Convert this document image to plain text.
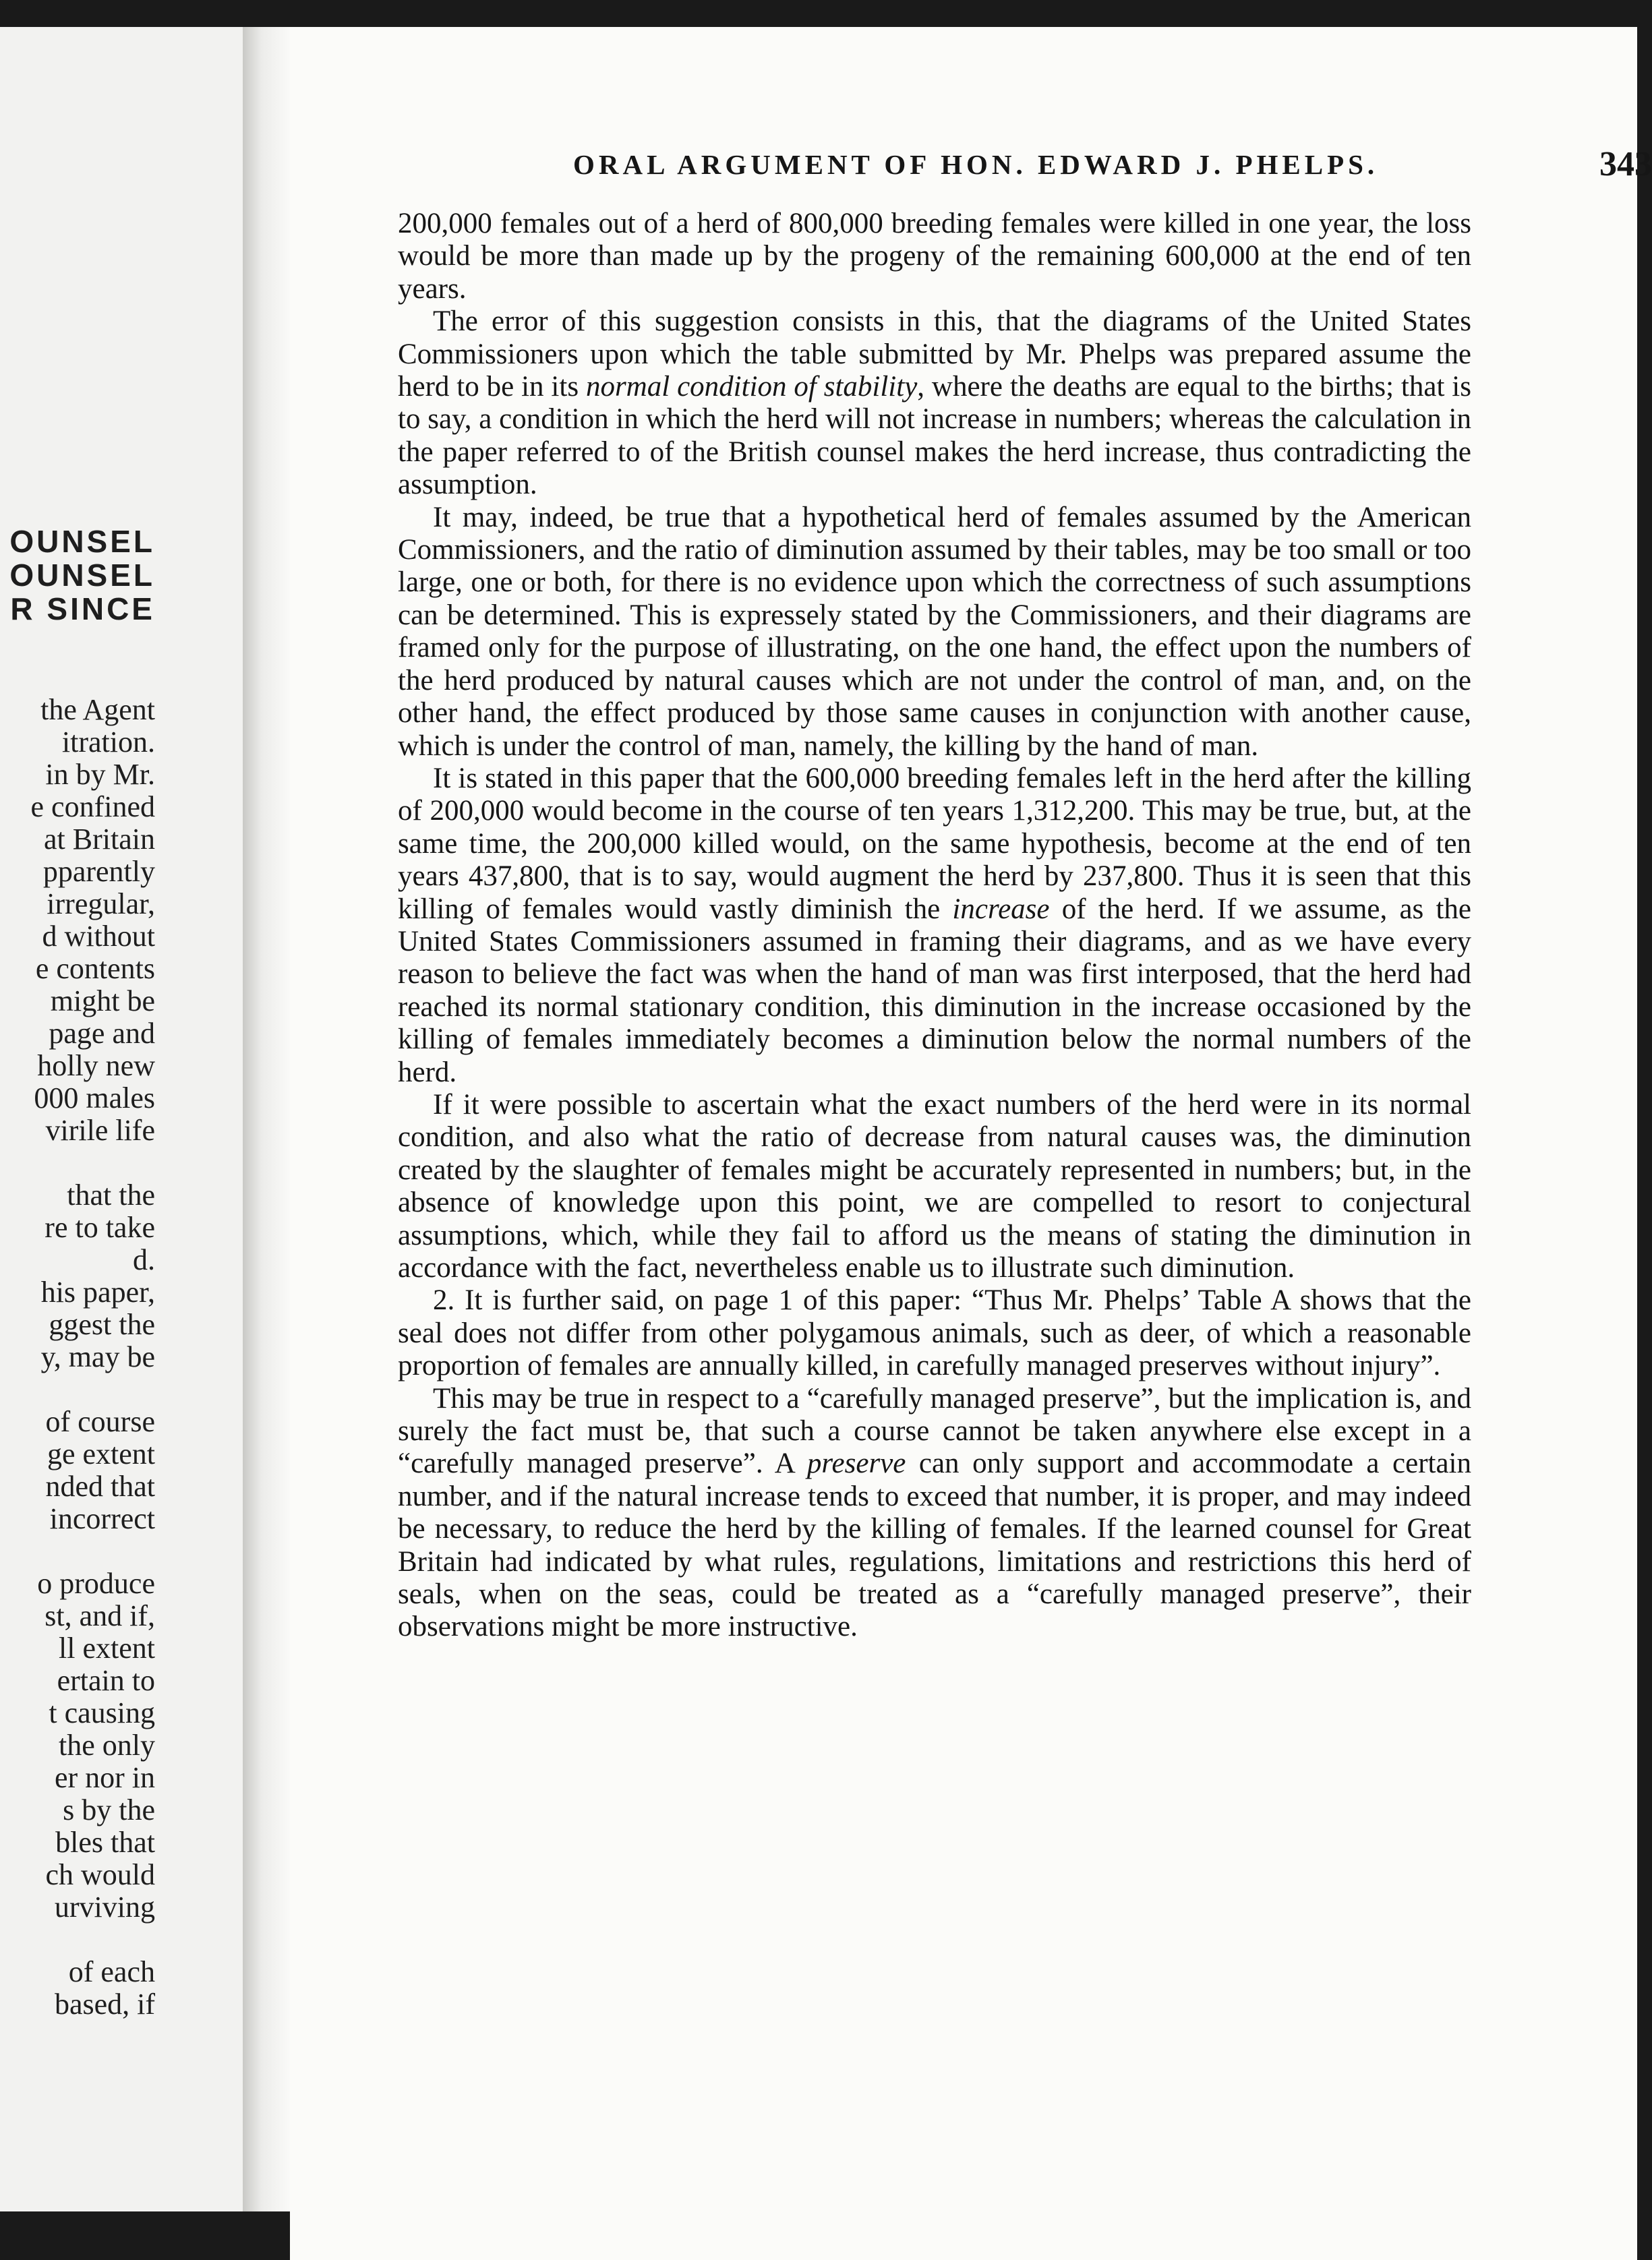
OUNSEL
OUNSEL
R SINCE
the Agent
itration.
in by Mr.
e confined
at Britain
pparently
irregular,
d without
e contents
might be
page and
holly new
000 males
virile life
that the
re to take
d.
his paper,
ggest the
y, may be
of course
ge extent
nded that
incorrect
o produce
st, and if,
ll extent
ertain to
t causing
the only
er nor in
s by the
bles that
ch would
urviving
of each
based, if
ORAL ARGUMENT OF HON. EDWARD J. PHELPS.	343

200,000 females out of a herd of 800,000 breeding females were killed in one year, the loss would be more than made up by the progeny of the remaining 600,000 at the end of ten years.

The error of this suggestion consists in this, that the diagrams of the United States Commissioners upon which the table submitted by Mr. Phelps was prepared assume the herd to be in its normal condition of stability, where the deaths are equal to the births; that is to say, a condition in which the herd will not increase in numbers; whereas the calculation in the paper referred to of the British counsel makes the herd increase, thus contradicting the assumption.

It may, indeed, be true that a hypothetical herd of females assumed by the American Commissioners, and the ratio of diminution assumed by their tables, may be too small or too large, one or both, for there is no evidence upon which the correctness of such assumptions can be determined. This is expressely stated by the Commissioners, and their diagrams are framed only for the purpose of illustrating, on the one hand, the effect upon the numbers of the herd produced by natural causes which are not under the control of man, and, on the other hand, the effect produced by those same causes in conjunction with another cause, which is under the control of man, namely, the killing by the hand of man.

It is stated in this paper that the 600,000 breeding females left in the herd after the killing of 200,000 would become in the course of ten years 1,312,200. This may be true, but, at the same time, the 200,000 killed would, on the same hypothesis, become at the end of ten years 437,800, that is to say, would augment the herd by 237,800. Thus it is seen that this killing of females would vastly diminish the increase of the herd. If we assume, as the United States Commissioners assumed in framing their diagrams, and as we have every reason to believe the fact was when the hand of man was first interposed, that the herd had reached its normal stationary condition, this diminution in the increase occasioned by the killing of females immediately becomes a diminution below the normal numbers of the herd.

If it were possible to ascertain what the exact numbers of the herd were in its normal condition, and also what the ratio of decrease from natural causes was, the diminution created by the slaughter of females might be accurately represented in numbers; but, in the absence of knowledge upon this point, we are compelled to resort to conjectural assumptions, which, while they fail to afford us the means of stating the diminution in accordance with the fact, nevertheless enable us to illustrate such diminution.

2. It is further said, on page 1 of this paper: “Thus Mr. Phelps’ Table A shows that the seal does not differ from other polygamous animals, such as deer, of which a reasonable proportion of females are annually killed, in carefully managed preserves without injury”.

This may be true in respect to a “carefully managed preserve”, but the implication is, and surely the fact must be, that such a course cannot be taken anywhere else except in a “carefully managed preserve”. A preserve can only support and accommodate a certain number, and if the natural increase tends to exceed that number, it is proper, and may indeed be necessary, to reduce the herd by the killing of females. If the learned counsel for Great Britain had indicated by what rules, regulations, limitations and restrictions this herd of seals, when on the seas, could be treated as a “carefully managed preserve”, their observations might be more instructive.
